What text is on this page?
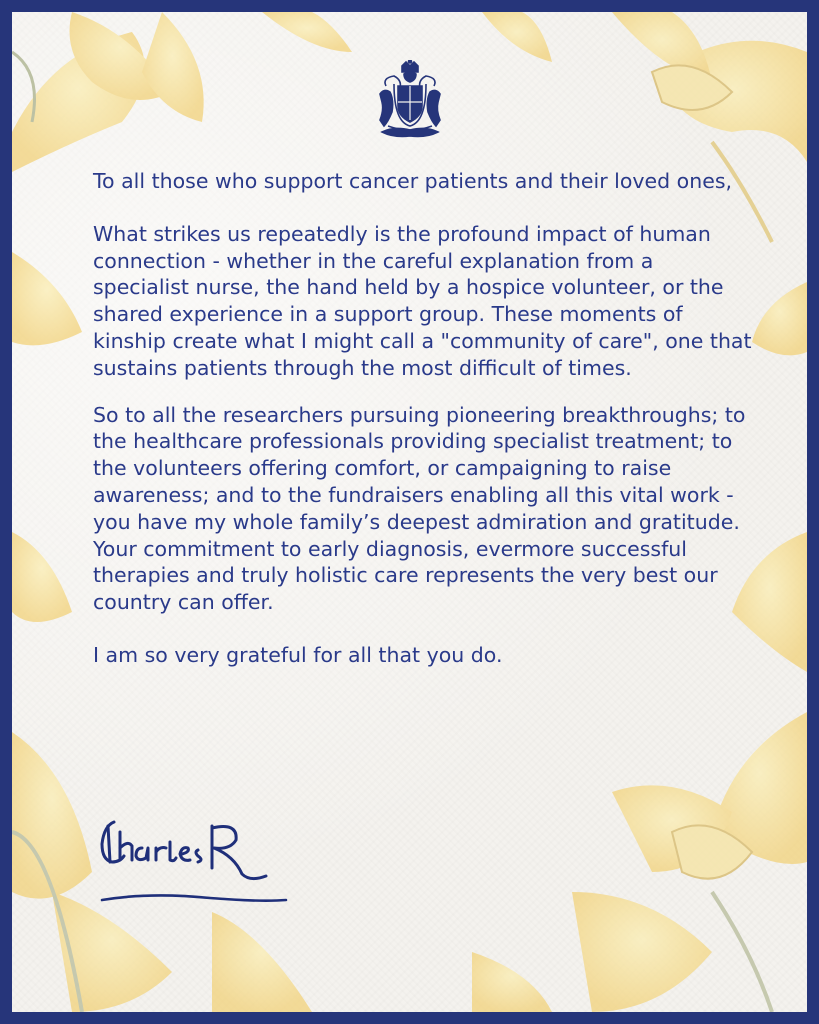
To all those who support cancer patients and their loved ones,

What strikes us repeatedly is the profound impact of human connection - whether in the careful explanation from a specialist nurse, the hand held by a hospice volunteer, or the shared experience in a support group. These moments of kinship create what I might call a "community of care", one that sustains patients through the most difficult of times.

So to all the researchers pursuing pioneering breakthroughs; to the healthcare professionals providing specialist treatment; to the volunteers offering comfort, or campaigning to raise awareness; and to the fundraisers enabling all this vital work - you have my whole family’s deepest admiration and gratitude. Your commitment to early diagnosis, evermore successful therapies and truly holistic care represents the very best our country can offer.

I am so very grateful for all that you do.
